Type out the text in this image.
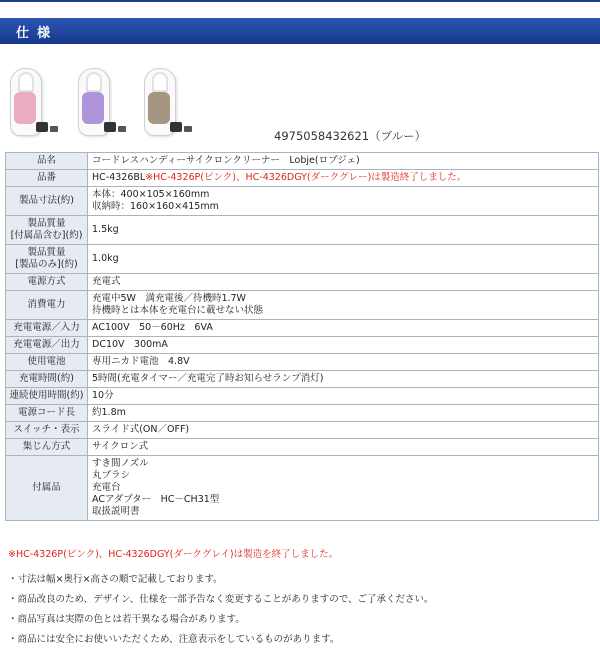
仕様
4975058432621（ブルー）
品名	コードレスハンディーサイクロンクリーナー　Lobje(ロブジェ)

品番	HC-4326BL※HC-4326P(ピンク)、HC-4326DGY(ダークグレー)は製造終了しました。

製品寸法(約)	本体：400×105×160mm
収納時：160×160×415mm

製品質量
[付属品含む](約)	1.5kg

製品質量
[製品のみ](約)	1.0kg

電源方式	充電式

消費電力	充電中5W　満充電後／待機時1.7W
待機時とは本体を充電台に載せない状態

充電電源／入力	AC100V　50－60Hz　6VA

充電電源／出力	DC10V　300mA

使用電池	専用ニカド電池　4.8V

充電時間(約)	5時間(充電タイマー／充電完了時お知らせランプ消灯)

連続使用時間(約)	10分

電源コード長	約1.8m

スイッチ・表示	スライド式(ON／OFF)

集じん方式	サイクロン式

付属品	すき間ノズル
丸ブラシ
充電台
ACアダプター　HC－CH31型
取扱説明書
※HC-4326P(ピンク)、HC-4326DGY(ダークグレイ)は製造を終了しました。
・寸法は幅×奥行×高さの順で記載しております。
・商品改良のため、デザイン、仕様を一部予告なく変更することがありますので、ご了承ください。
・商品写真は実際の色とは若干異なる場合があります。
・商品には安全にお使いいただくため、注意表示をしているものがあります。
